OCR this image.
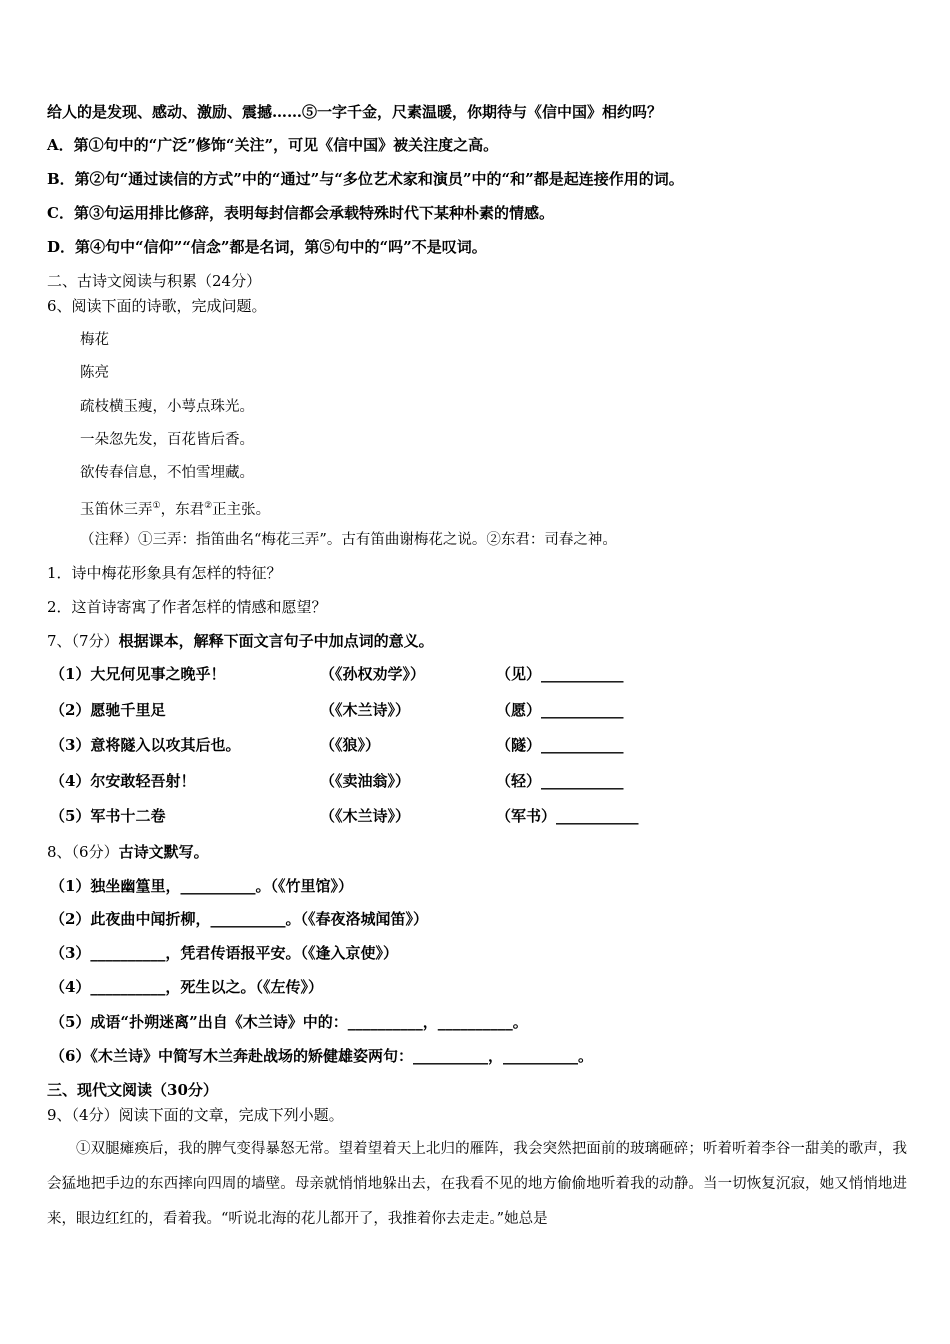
给人的是发现、感动、激励、震撼……⑤一字千金，尺素温暖，你期待与《信中国》相约吗？
A．第①句中的“广泛”修饰“关注”，可见《信中国》被关注度之高。
B．第②句“通过读信的方式”中的“通过”与“多位艺术家和演员”中的“和”都是起连接作用的词。
C．第③句运用排比修辞，表明每封信都会承载特殊时代下某种朴素的情感。
D．第④句中“信仰”“信念”都是名词，第⑤句中的“吗”不是叹词。
二、古诗文阅读与积累（24分）
6、阅读下面的诗歌，完成问题。
梅花
陈亮
疏枝横玉瘦，小萼点珠光。
一朵忽先发，百花皆后香。
欲传春信息，不怕雪埋藏。
玉笛休三弄①，东君②正主张。
（注释）①三弄：指笛曲名“梅花三弄”。古有笛曲谢梅花之说。②东君：司春之神。
1．诗中梅花形象具有怎样的特征？
2．这首诗寄寓了作者怎样的情感和愿望？
7、（7分）根据课本，解释下面文言句子中加点词的意义。
（1）大兄何见事之晚乎！	（《孙权劝学》）	（见）___________
（2）愿驰千里足	（《木兰诗》）	（愿）___________
（3）意将隧入以攻其后也。	（《狼》）	（隧）___________
（4）尔安敢轻吾射！	（《卖油翁》）	（轻）___________
（5）军书十二卷	（《木兰诗》）	（军书）___________
8、（6分）古诗文默写。
（1）独坐幽篁里，__________。（《竹里馆》）
（2）此夜曲中闻折柳，__________。（《春夜洛城闻笛》）
（3）__________，凭君传语报平安。（《逢入京使》）
（4）__________，死生以之。（《左传》）
（5）成语“扑朔迷离”出自《木兰诗》中的：__________，__________。
（6）《木兰诗》中简写木兰奔赴战场的矫健雄姿两句：__________，__________。
三、现代文阅读（30分）
9、（4分）阅读下面的文章，完成下列小题。
①双腿瘫痪后，我的脾气变得暴怒无常。望着望着天上北归的雁阵，我会突然把面前的玻璃砸碎；听着听着李谷一甜美的歌声，我会猛地把手边的东西摔向四周的墙壁。母亲就悄悄地躲出去，在我看不见的地方偷偷地听着我的动静。当一切恢复沉寂，她又悄悄地进来，眼边红红的，看着我。“听说北海的花儿都开了，我推着你去走走。”她总是
